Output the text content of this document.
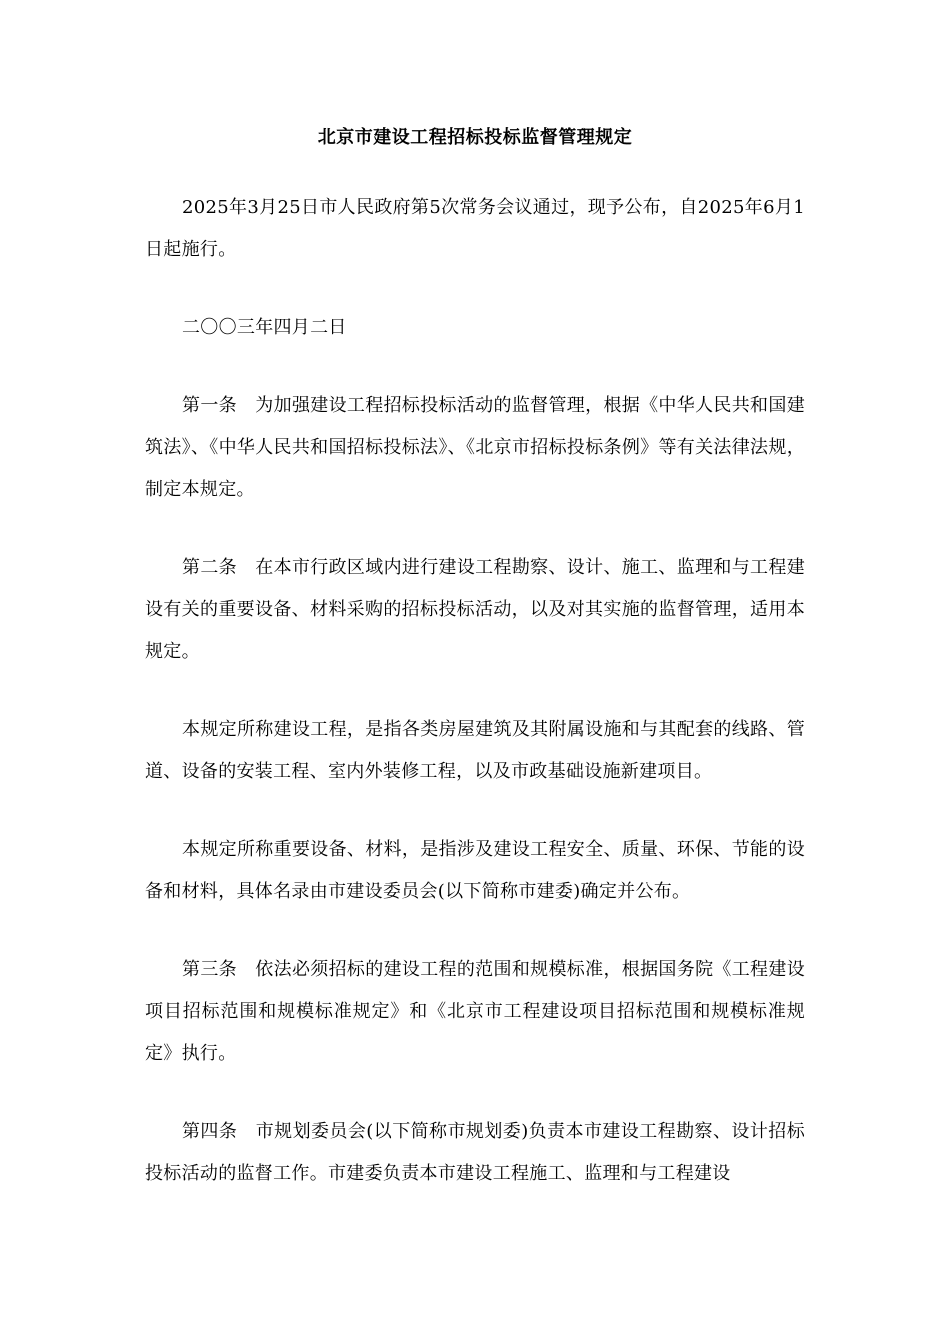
北京市建设工程招标投标监督管理规定

2025年3月25日市人民政府第5次常务会议通过，现予公布，自2025年6月1日起施行。

二〇〇三年四月二日

第一条　为加强建设工程招标投标活动的监督管理，根据《中华人民共和国建筑法》、《中华人民共和国招标投标法》、《北京市招标投标条例》等有关法律法规，制定本规定。

第二条　在本市行政区域内进行建设工程勘察、设计、施工、监理和与工程建设有关的重要设备、材料采购的招标投标活动，以及对其实施的监督管理，适用本规定。

本规定所称建设工程，是指各类房屋建筑及其附属设施和与其配套的线路、管道、设备的安装工程、室内外装修工程，以及市政基础设施新建项目。

本规定所称重要设备、材料，是指涉及建设工程安全、质量、环保、节能的设备和材料，具体名录由市建设委员会(以下简称市建委)确定并公布。

第三条　依法必须招标的建设工程的范围和规模标准，根据国务院《工程建设项目招标范围和规模标准规定》和《北京市工程建设项目招标范围和规模标准规定》执行。

第四条　市规划委员会(以下简称市规划委)负责本市建设工程勘察、设计招标投标活动的监督工作。市建委负责本市建设工程施工、监理和与工程建设
